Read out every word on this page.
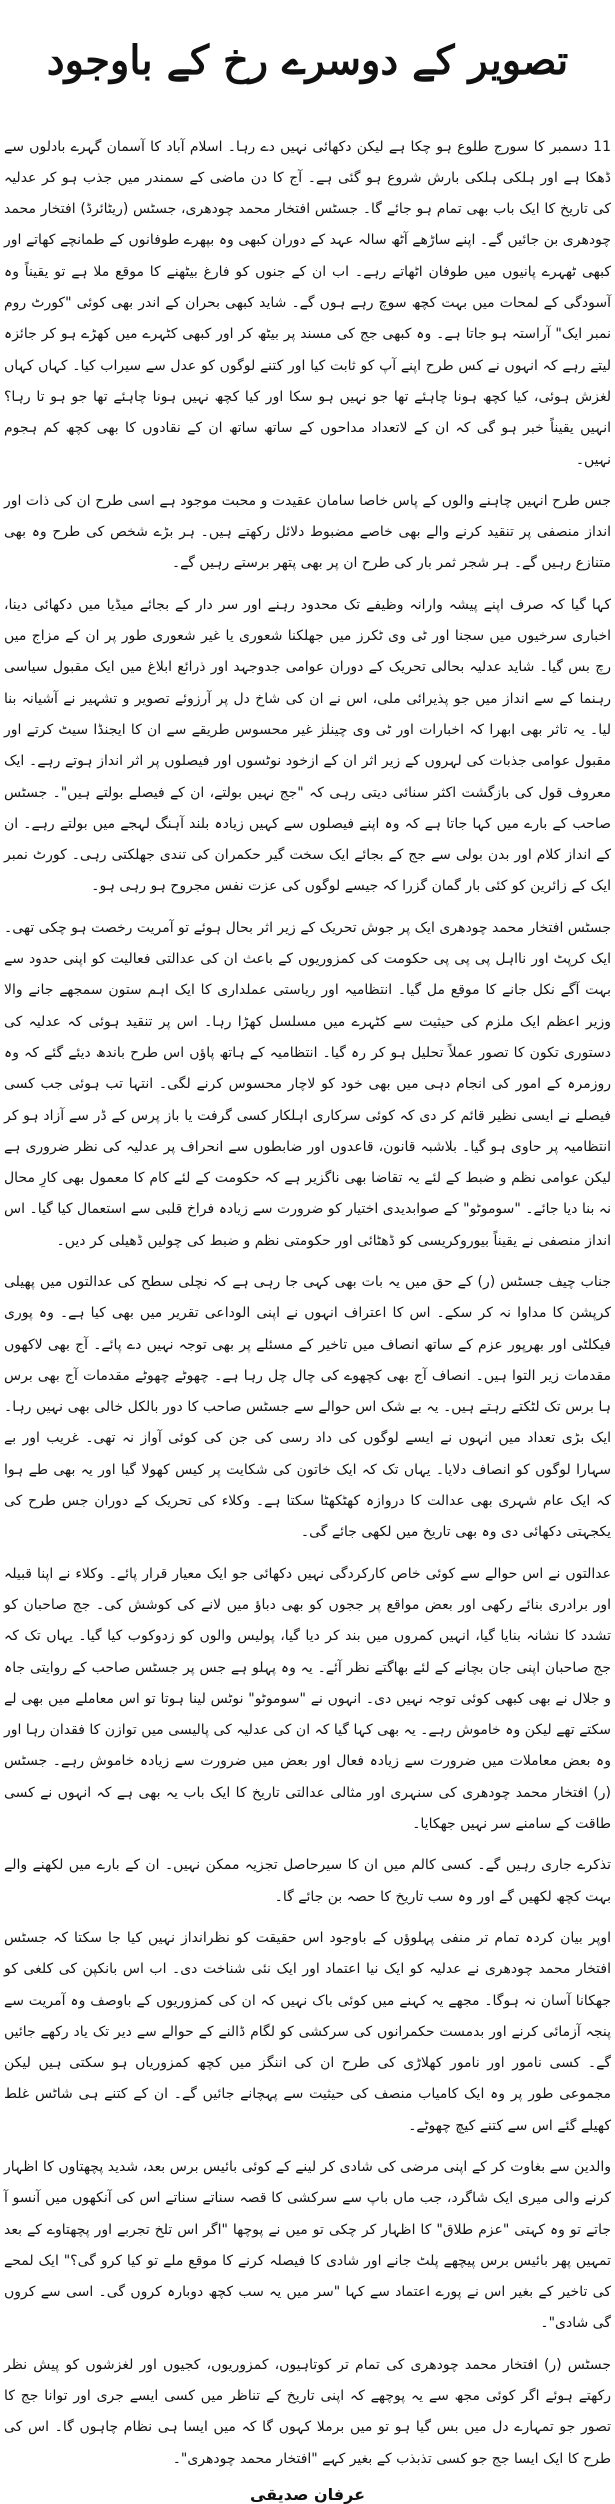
تصویر کے دوسرے رخ کے باوجود

11 دسمبر کا سورج طلوع ہو چکا ہے لیکن دکھائی نہیں دے رہا۔ اسلام آباد کا آسمان گہرے بادلوں سے ڈھکا ہے اور ہلکی ہلکی بارش شروع ہو گئی ہے۔ آج کا دن ماضی کے سمندر میں جذب ہو کر عدلیہ کی تاریخ کا ایک باب بھی تمام ہو جائے گا۔ جسٹس افتخار محمد چودھری، جسٹس (ریٹائرڈ) افتخار محمد چودھری بن جائیں گے۔ اپنے ساڑھے آٹھ سالہ عہد کے دوران کبھی وہ بپھرے طوفانوں کے طمانچے کھاتے اور کبھی ٹھہرے پانیوں میں طوفان اٹھاتے رہے۔ اب ان کے جنوں کو فارغ بیٹھنے کا موقع ملا ہے تو یقیناً وہ آسودگی کے لمحات میں بہت کچھ سوچ رہے ہوں گے۔ شاید کبھی بحران کے اندر بھی کوئی "کورٹ روم نمبر ایک" آراستہ ہو جاتا ہے۔ وہ کبھی جج کی مسند پر بیٹھ کر اور کبھی کٹہرے میں کھڑے ہو کر جائزہ لیتے رہے کہ انہوں نے کس طرح اپنے آپ کو ثابت کیا اور کتنے لوگوں کو عدل سے سیراب کیا۔ کہاں کہاں لغزش ہوئی، کیا کچھ ہونا چاہئے تھا جو نہیں ہو سکا اور کیا کچھ نہیں ہونا چاہئے تھا جو ہو تا رہا؟ انہیں یقیناً خبر ہو گی کہ ان کے لاتعداد مداحوں کے ساتھ ساتھ ان کے نقادوں کا بھی کچھ کم ہجوم نہیں۔

جس طرح انہیں چاہنے والوں کے پاس خاصا سامان عقیدت و محبت موجود ہے اسی طرح ان کی ذات اور انداز منصفی پر تنقید کرنے والے بھی خاصے مضبوط دلائل رکھتے ہیں۔ ہر بڑے شخص کی طرح وہ بھی متنازع رہیں گے۔ ہر شجر ثمر بار کی طرح ان پر بھی پتھر برستے رہیں گے۔

کہا گیا کہ صرف اپنے پیشہ وارانہ وظیفے تک محدود رہنے اور سر دار کے بجائے میڈیا میں دکھائی دینا، اخباری سرخیوں میں سجنا اور ٹی وی ٹکرز میں جھلکنا شعوری یا غیر شعوری طور پر ان کے مزاج میں رچ بس گیا۔ شاید عدلیہ بحالی تحریک کے دوران عوامی جدوجہد اور ذرائع ابلاغ میں ایک مقبول سیاسی رہنما کے سے انداز میں جو پذیرائی ملی، اس نے ان کی شاخ دل پر آرزوئے تصویر و تشہیر نے آشیانہ بنا لیا۔ یہ تاثر بھی ابھرا کہ اخبارات اور ٹی وی چینلز غیر محسوس طریقے سے ان کا ایجنڈا سیٹ کرتے اور مقبول عوامی جذبات کی لہروں کے زیر اثر ان کے ازخود نوٹسوں اور فیصلوں پر اثر انداز ہوتے رہے۔ ایک معروف قول کی بازگشت اکثر سنائی دیتی رہی کہ "جج نہیں بولتے، ان کے فیصلے بولتے ہیں"۔ جسٹس صاحب کے بارے میں کہا جاتا ہے کہ وہ اپنے فیصلوں سے کہیں زیادہ بلند آہنگ لہجے میں بولتے رہے۔ ان کے انداز کلام اور بدن بولی سے جج کے بجائے ایک سخت گیر حکمران کی تندی جھلکتی رہی۔ کورٹ نمبر ایک کے زائرین کو کئی بار گمان گزرا کہ جیسے لوگوں کی عزت نفس مجروح ہو رہی ہو۔

جسٹس افتخار محمد چودھری ایک پر جوش تحریک کے زیر اثر بحال ہوئے تو آمریت رخصت ہو چکی تھی۔ ایک کرپٹ اور نااہل پی پی پی حکومت کی کمزوریوں کے باعث ان کی عدالتی فعالیت کو اپنی حدود سے بہت آگے نکل جانے کا موقع مل گیا۔ انتظامیہ اور ریاستی عملداری کا ایک اہم ستون سمجھے جانے والا وزیر اعظم ایک ملزم کی حیثیت سے کٹہرے میں مسلسل کھڑا رہا۔ اس پر تنقید ہوئی کہ عدلیہ کی دستوری تکون کا تصور عملاً تحلیل ہو کر رہ گیا۔ انتظامیہ کے ہاتھ پاؤں اس طرح باندھ دیئے گئے کہ وہ روزمرہ کے امور کی انجام دہی میں بھی خود کو لاچار محسوس کرنے لگی۔ انتہا تب ہوئی جب کسی فیصلے نے ایسی نظیر قائم کر دی کہ کوئی سرکاری اہلکار کسی گرفت یا باز پرس کے ڈر سے آزاد ہو کر انتظامیہ پر حاوی ہو گیا۔ بلاشبہ قانون، قاعدوں اور ضابطوں سے انحراف پر عدلیہ کی نظر ضروری ہے لیکن عوامی نظم و ضبط کے لئے یہ تقاضا بھی ناگزیر ہے کہ حکومت کے لئے کام کا معمول بھی کارِ محال نہ بنا دیا جائے۔ "سوموٹو" کے صوابدیدی اختیار کو ضرورت سے زیادہ فراخ قلبی سے استعمال کیا گیا۔ اس انداز منصفی نے یقیناً بیوروکریسی کو ڈھٹائی اور حکومتی نظم و ضبط کی چولیں ڈھیلی کر دیں۔

جناب چیف جسٹس (ر) کے حق میں یہ بات بھی کہی جا رہی ہے کہ نچلی سطح کی عدالتوں میں پھیلی کرپشن کا مداوا نہ کر سکے۔ اس کا اعتراف انہوں نے اپنی الوداعی تقریر میں بھی کیا ہے۔ وہ پوری فیکلٹی اور بھرپور عزم کے ساتھ انصاف میں تاخیر کے مسئلے پر بھی توجہ نہیں دے پائے۔ آج بھی لاکھوں مقدمات زیر التوا ہیں۔ انصاف آج بھی کچھوے کی چال چل رہا ہے۔ چھوٹے چھوٹے مقدمات آج بھی برس ہا برس تک لٹکتے رہتے ہیں۔ یہ بے شک اس حوالے سے جسٹس صاحب کا دور بالکل خالی بھی نہیں رہا۔ ایک بڑی تعداد میں انہوں نے ایسے لوگوں کی داد رسی کی جن کی کوئی آواز نہ تھی۔ غریب اور بے سہارا لوگوں کو انصاف دلایا۔ یہاں تک کہ ایک خاتون کی شکایت پر کیس کھولا گیا اور یہ بھی طے ہوا کہ ایک عام شہری بھی عدالت کا دروازہ کھٹکھٹا سکتا ہے۔ وکلاء کی تحریک کے دوران جس طرح کی یکجہتی دکھائی دی وہ بھی تاریخ میں لکھی جائے گی۔

عدالتوں نے اس حوالے سے کوئی خاص کارکردگی نہیں دکھائی جو ایک معیار قرار پائے۔ وکلاء نے اپنا قبیلہ اور برادری بنائے رکھی اور بعض مواقع پر ججوں کو بھی دباؤ میں لانے کی کوشش کی۔ جج صاحبان کو تشدد کا نشانہ بنایا گیا، انہیں کمروں میں بند کر دیا گیا، پولیس والوں کو زدوکوب کیا گیا۔ یہاں تک کہ جج صاحبان اپنی جان بچانے کے لئے بھاگتے نظر آئے۔ یہ وہ پہلو ہے جس پر جسٹس صاحب کے روایتی جاہ و جلال نے بھی کبھی کوئی توجہ نہیں دی۔ انہوں نے "سوموٹو" نوٹس لینا ہوتا تو اس معاملے میں بھی لے سکتے تھے لیکن وہ خاموش رہے۔ یہ بھی کہا گیا کہ ان کی عدلیہ کی پالیسی میں توازن کا فقدان رہا اور وہ بعض معاملات میں ضرورت سے زیادہ فعال اور بعض میں ضرورت سے زیادہ خاموش رہے۔ جسٹس (ر) افتخار محمد چودھری کی سنہری اور مثالی عدالتی تاریخ کا ایک باب یہ بھی ہے کہ انہوں نے کسی طاقت کے سامنے سر نہیں جھکایا۔

تذکرے جاری رہیں گے۔ کسی کالم میں ان کا سیرحاصل تجزیہ ممکن نہیں۔ ان کے بارے میں لکھنے والے بہت کچھ لکھیں گے اور وہ سب تاریخ کا حصہ بن جائے گا۔

اوپر بیان کردہ تمام تر منفی پہلوؤں کے باوجود اس حقیقت کو نظرانداز نہیں کیا جا سکتا کہ جسٹس افتخار محمد چودھری نے عدلیہ کو ایک نیا اعتماد اور ایک نئی شناخت دی۔ اب اس بانکپن کی کلغی کو جھکانا آسان نہ ہوگا۔ مجھے یہ کہنے میں کوئی باک نہیں کہ ان کی کمزوریوں کے باوصف وہ آمریت سے پنجہ آزمائی کرنے اور بدمست حکمرانوں کی سرکشی کو لگام ڈالنے کے حوالے سے دیر تک یاد رکھے جائیں گے۔ کسی نامور اور نامور کھلاڑی کی طرح ان کی اننگز میں کچھ کمزوریاں ہو سکتی ہیں لیکن مجموعی طور پر وہ ایک کامیاب منصف کی حیثیت سے پہچانے جائیں گے۔ ان کے کتنے ہی شاٹس غلط کھیلے گئے اس سے کتنے کیچ چھوٹے۔

والدین سے بغاوت کر کے اپنی مرضی کی شادی کر لینے کے کوئی بائیس برس بعد، شدید پچھتاوں کا اظہار کرنے والی میری ایک شاگرد، جب ماں باپ سے سرکشی کا قصہ سناتے سناتے اس کی آنکھوں میں آنسو آ جاتے تو وہ کہتی "عزم طلاق" کا اظہار کر چکی تو میں نے پوچھا "اگر اس تلخ تجربے اور پچھتاوے کے بعد تمہیں پھر بائیس برس پیچھے پلٹ جانے اور شادی کا فیصلہ کرنے کا موقع ملے تو کیا کرو گی؟" ایک لمحے کی تاخیر کے بغیر اس نے پورے اعتماد سے کہا "سر میں یہ سب کچھ دوبارہ کروں گی۔ اسی سے کروں گی شادی"۔

جسٹس (ر) افتخار محمد چودھری کی تمام تر کوتاہیوں، کمزوریوں، کجیوں اور لغزشوں کو پیش نظر رکھتے ہوئے اگر کوئی مجھ سے یہ پوچھے کہ اپنی تاریخ کے تناظر میں کسی ایسے جری اور توانا جج کا تصور جو تمہارے دل میں بس گیا ہو تو میں برملا کہوں گا کہ میں ایسا ہی نظام چاہوں گا۔ اس کی طرح کا ایک ایسا جج جو کسی تذبذب کے بغیر کہے "افتخار محمد چودھری"۔

عرفان صدیقی
